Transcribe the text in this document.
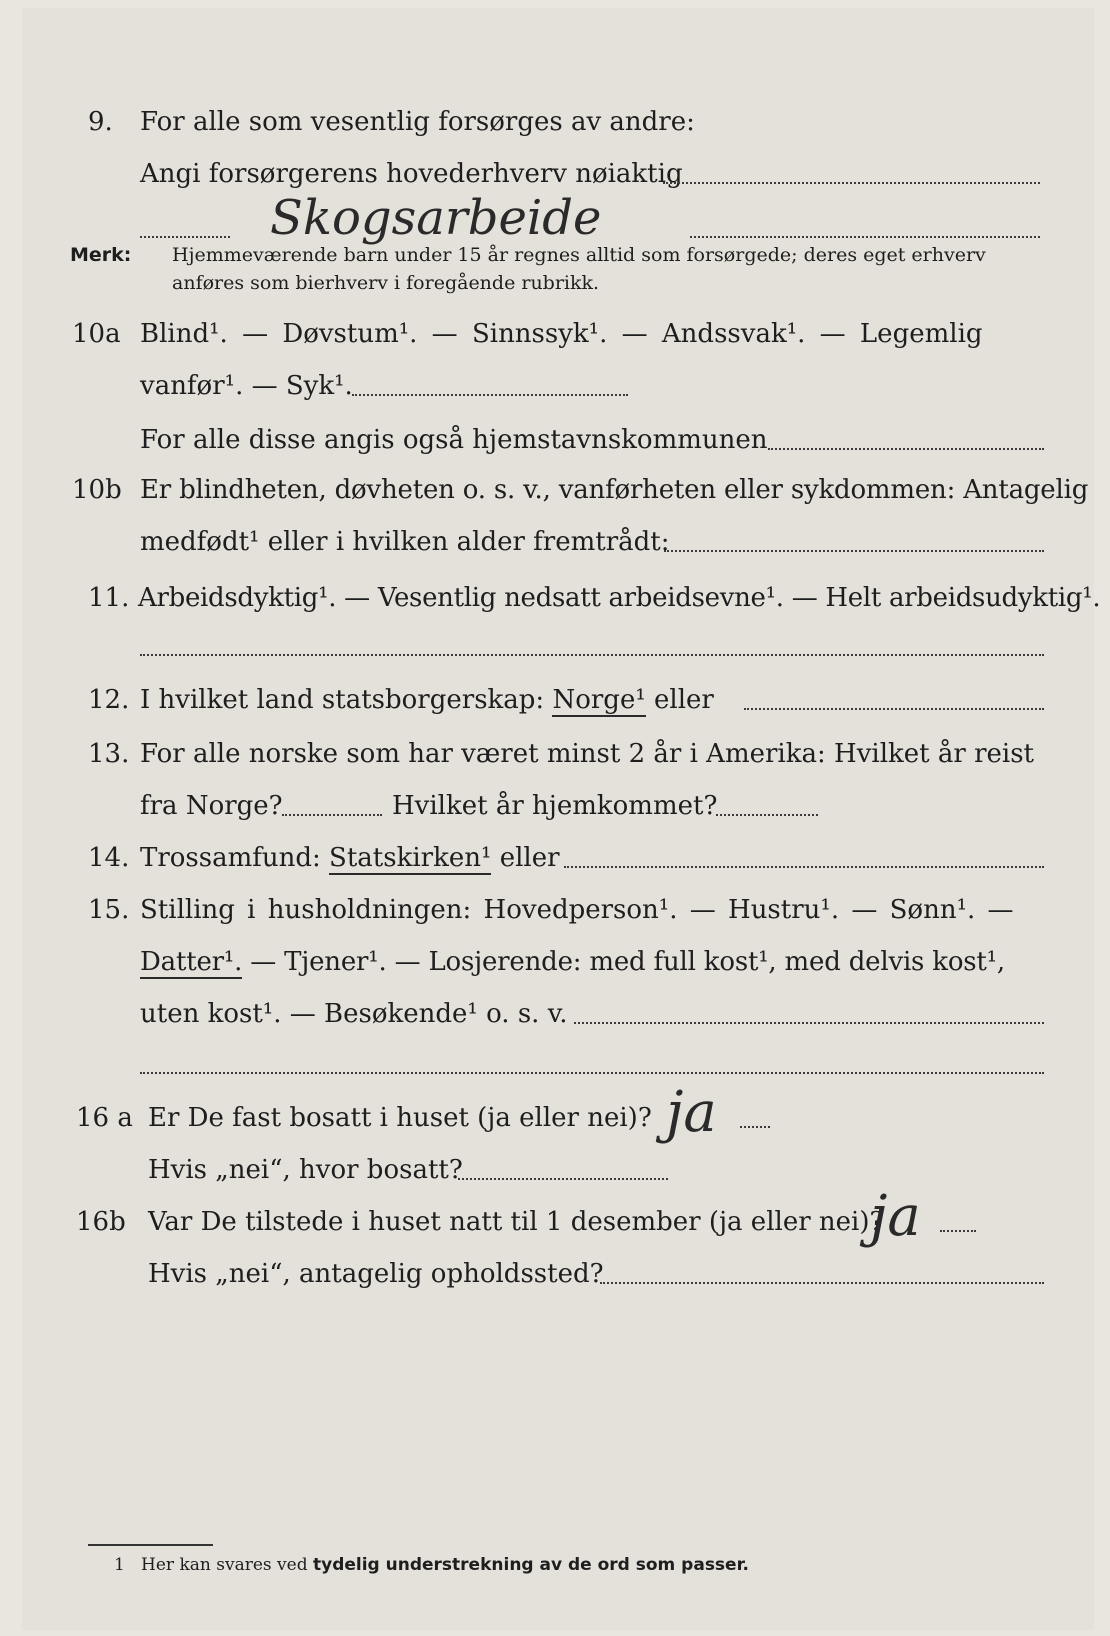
9. For alle som vesentlig forsørges av andre:
Angi forsørgerens hovederhverv nøiaktig
Skogsarbeide
Merk: Hjemmeværende barn under 15 år regnes alltid som forsørgede; deres eget erhverv
anføres som bierhverv i foregående rubrikk.
10a Blind¹. — Døvstum¹. — Sinnssyk¹. — Andssvak¹. — Legemlig
vanfør¹. — Syk¹.
For alle disse angis også hjemstavnskommunen
10b Er blindheten, døvheten o. s. v., vanførheten eller sykdommen: Antagelig
medfødt¹ eller i hvilken alder fremtrådt:
11. Arbeidsdyktig¹. — Vesentlig nedsatt arbeidsevne¹. — Helt arbeidsudyktig¹.
12. I hvilket land statsborgerskap: Norge¹ eller
13. For alle norske som har været minst 2 år i Amerika: Hvilket år reist
fra Norge?	Hvilket år hjemkommet?
14. Trossamfund: Statskirken¹ eller
15. Stilling i husholdningen: Hovedperson¹. — Hustru¹. — Sønn¹. —
Datter¹. — Tjener¹. — Losjerende: med full kost¹, med delvis kost¹,
uten kost¹. — Besøkende¹ o. s. v.
16 a Er De fast bosatt i huset (ja eller nei)? ja
Hvis „nei“, hvor bosatt?
16b Var De tilstede i huset natt til 1 desember (ja eller nei)?
ja
Hvis „nei“, antagelig opholdssted?
1 Her kan svares ved tydelig understrekning av de ord som passer.
